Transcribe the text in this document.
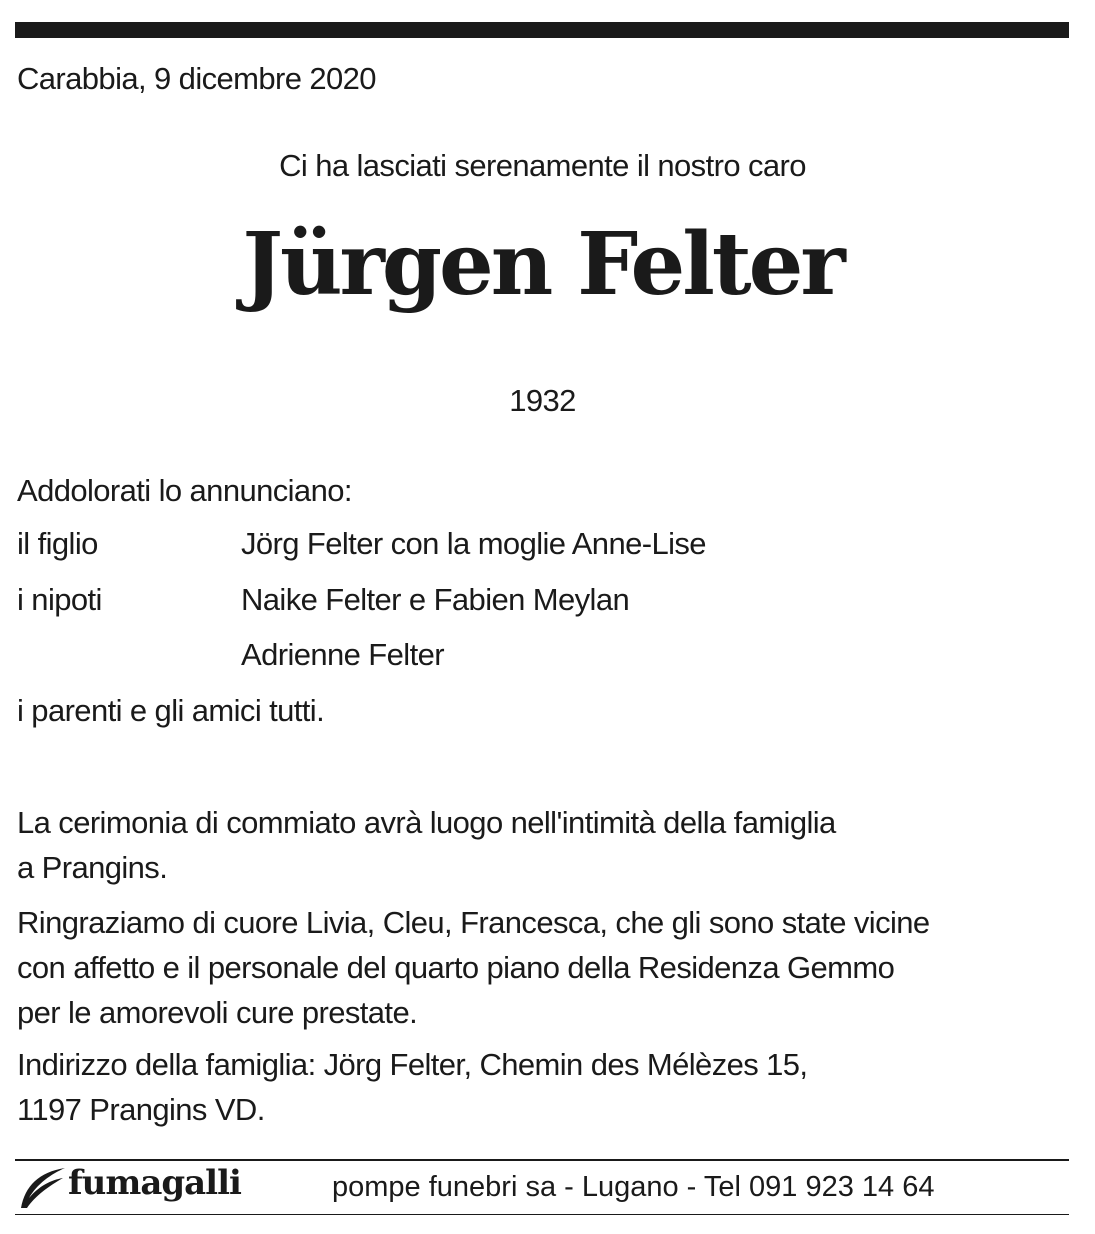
Carabbia, 9 dicembre 2020
Ci ha lasciati serenamente il nostro caro
Jürgen Felter
1932
Addolorati lo annunciano:
il figlio	Jörg Felter con la moglie Anne-Lise
i nipoti	Naike Felter e Fabien Meylan
Adrienne Felter
i parenti e gli amici tutti.
La cerimonia di commiato avrà luogo nell'intimità della famiglia
a Prangins.
Ringraziamo di cuore Livia, Cleu, Francesca, che gli sono state vicine
con affetto e il personale del quarto piano della Residenza Gemmo
per le amorevoli cure prestate.
Indirizzo della famiglia: Jörg Felter, Chemin des Mélèzes 15,
1197 Prangins VD.
fumagalli	pompe funebri sa - Lugano - Tel 091 923 14 64
